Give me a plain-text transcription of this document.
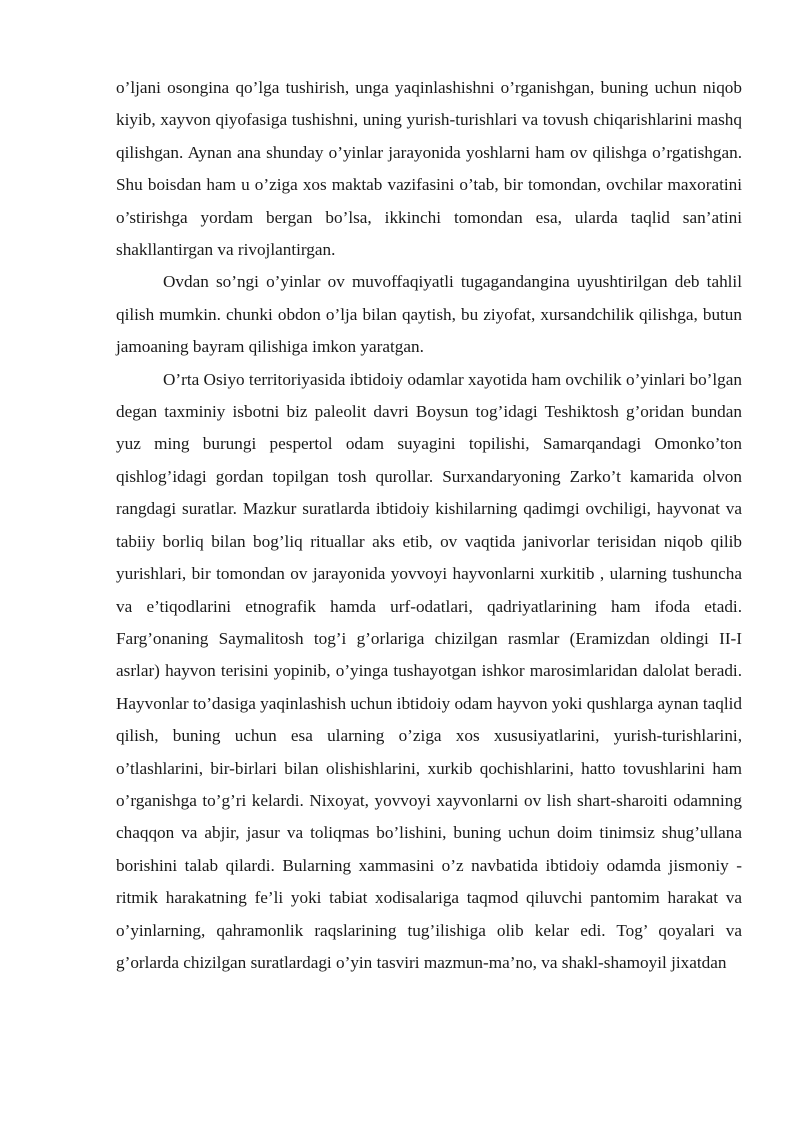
o’ljani osongina qo’lga tushirish, unga yaqinlashishni o’rganishgan, buning uchun niqob kiyib, xayvon qiyofasiga tushishni, uning yurish-turishlari va tovush chiqarishlarini mashq qilishgan. Aynan ana shunday o’yinlar jarayonida yoshlarni ham ov qilishga o’rgatishgan. Shu boisdan ham u o’ziga xos maktab vazifasini o’tab, bir tomondan, ovchilar maxoratini o’stirishga yordam bergan bo’lsa, ikkinchi tomondan esa, ularda taqlid san’atini shakllantirgan va rivojlantirgan.

Ovdan so’ngi o’yinlar ov muvoffaqiyatli tugagandangina uyushtirilgan deb tahlil qilish mumkin. chunki obdon o’lja bilan qaytish, bu ziyofat, xursandchilik qilishga, butun jamoaning bayram qilishiga imkon yaratgan.

O’rta Osiyo territoriyasida ibtidoiy odamlar xayotida ham ovchilik o’yinlari bo’lgan degan taxminiy isbotni biz paleolit davri Boysun tog’idagi Teshiktosh g’oridan bundan yuz ming burungi pespertol odam suyagini topilishi, Samarqandagi Omonko’ton qishlog’idagi gordan topilgan tosh qurollar. Surxandaryoning Zarko’t kamarida olvon rangdagi suratlar. Mazkur suratlarda ibtidoiy kishilarning qadimgi ovchiligi, hayvonat va tabiiy borliq bilan bog’liq rituallar aks etib, ov vaqtida janivorlar terisidan niqob qilib yurishlari, bir tomondan ov jarayonida yovvoyi hayvonlarni xurkitib , ularning tushuncha va e’tiqodlarini etnografik hamda urf-odatlari, qadriyatlarining ham ifoda etadi. Farg’onaning Saymalitosh tog’i g’orlariga chizilgan rasmlar (Eramizdan oldingi II-I asrlar) hayvon terisini yopinib, o’yinga tushayotgan ishkor marosimlaridan dalolat beradi. Hayvonlar to’dasiga yaqinlashish uchun ibtidoiy odam hayvon yoki qushlarga aynan taqlid qilish, buning uchun esa ularning o’ziga xos xususiyatlarini, yurish-turishlarini, o’tlashlarini, bir-birlari bilan olishishlarini, xurkib qochishlarini, hatto tovushlarini ham o’rganishga to’g’ri kelardi. Nixoyat, yovvoyi xayvonlarni ov lish shart-sharoiti odamning chaqqon va abjir, jasur va toliqmas bo’lishini, buning uchun doim tinimsiz shug’ullana borishini talab qilardi. Bularning xammasini o’z navbatida ibtidoiy odamda jismoniy - ritmik harakatning fe’li yoki tabiat xodisalariga taqmod qiluvchi pantomim harakat va o’yinlarning, qahramonlik raqslarining tug’ilishiga olib kelar edi. Tog’ qoyalari va g’orlarda chizilgan suratlardagi o’yin tasviri mazmun-ma’no, va shakl-shamoyil jixatdan
